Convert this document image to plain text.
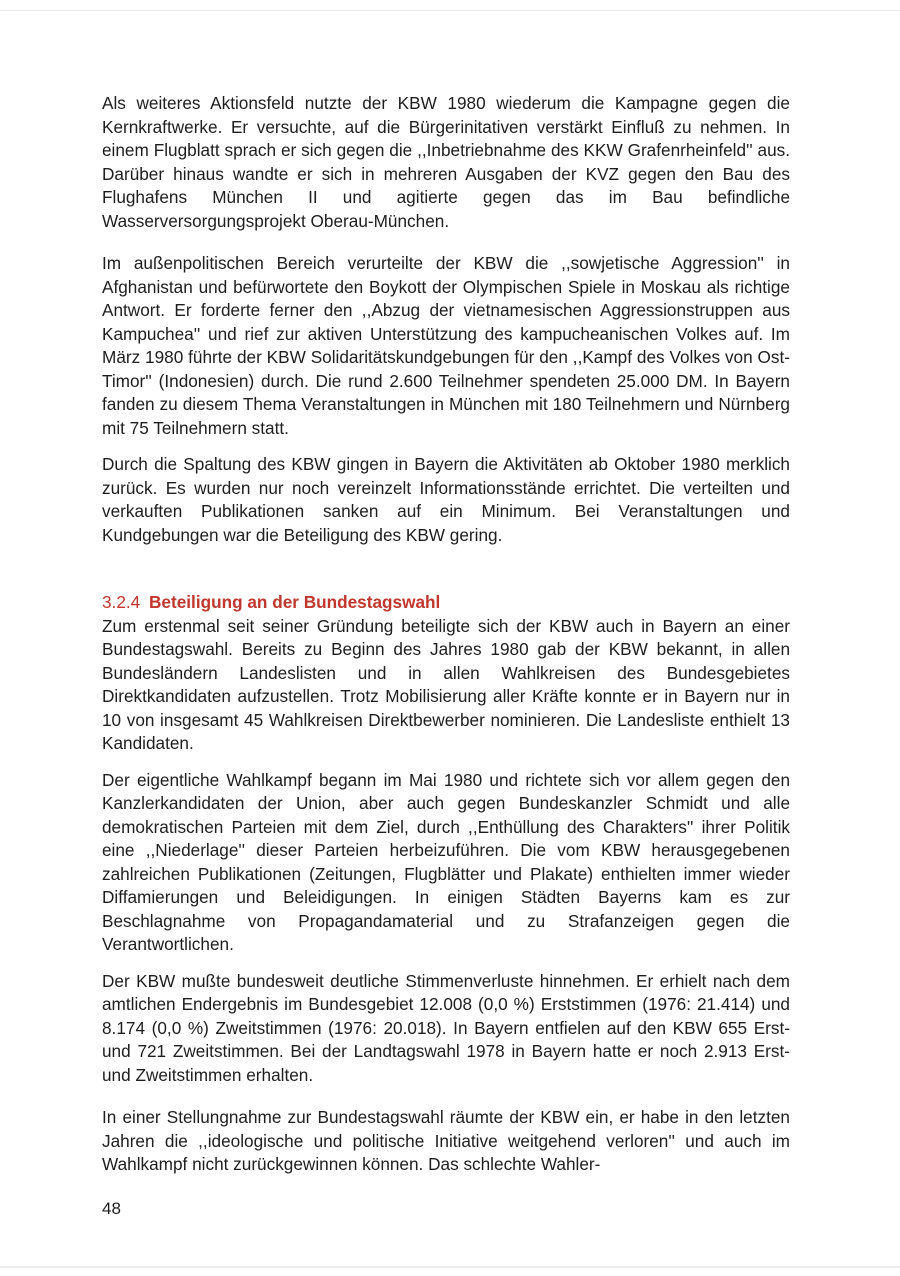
Als weiteres Aktionsfeld nutzte der KBW 1980 wiederum die Kampagne gegen die Kernkraftwerke. Er versuchte, auf die Bürgerinitativen verstärkt Einfluß zu nehmen. In einem Flugblatt sprach er sich gegen die ,,Inbetriebnahme des KKW Grafenrheinfeld'' aus. Darüber hinaus wandte er sich in mehreren Ausgaben der KVZ gegen den Bau des Flughafens München II und agitierte gegen das im Bau befindliche Wasserversorgungsprojekt Oberau-München.

Im außenpolitischen Bereich verurteilte der KBW die ,,sowjetische Aggression'' in Afghanistan und befürwortete den Boykott der Olympischen Spiele in Moskau als richtige Antwort. Er forderte ferner den ,,Abzug der vietnamesischen Aggressionstruppen aus Kampuchea'' und rief zur aktiven Unterstützung des kampucheanischen Volkes auf. Im März 1980 führte der KBW Solidaritätskundgebungen für den ,,Kampf des Volkes von Ost-Timor'' (Indonesien) durch. Die rund 2.600 Teilnehmer spendeten 25.000 DM. In Bayern fanden zu diesem Thema Veranstaltungen in München mit 180 Teilnehmern und Nürnberg mit 75 Teilnehmern statt.

Durch die Spaltung des KBW gingen in Bayern die Aktivitäten ab Oktober 1980 merklich zurück. Es wurden nur noch vereinzelt Informationsstände errichtet. Die verteilten und verkauften Publikationen sanken auf ein Minimum. Bei Veranstaltungen und Kundgebungen war die Beteiligung des KBW gering.

3.2.4 Beteiligung an der Bundestagswahl

Zum erstenmal seit seiner Gründung beteiligte sich der KBW auch in Bayern an einer Bundestagswahl. Bereits zu Beginn des Jahres 1980 gab der KBW bekannt, in allen Bundesländern Landeslisten und in allen Wahlkreisen des Bundesgebietes Direktkandidaten aufzustellen. Trotz Mobilisierung aller Kräfte konnte er in Bayern nur in 10 von insgesamt 45 Wahlkreisen Direktbewerber nominieren. Die Landesliste enthielt 13 Kandidaten.

Der eigentliche Wahlkampf begann im Mai 1980 und richtete sich vor allem gegen den Kanzlerkandidaten der Union, aber auch gegen Bundeskanzler Schmidt und alle demokratischen Parteien mit dem Ziel, durch ,,Enthüllung des Charakters'' ihrer Politik eine ,,Niederlage'' dieser Parteien herbeizuführen. Die vom KBW herausgegebenen zahlreichen Publikationen (Zeitungen, Flugblätter und Plakate) enthielten immer wieder Diffamierungen und Beleidigungen. In einigen Städten Bayerns kam es zur Beschlagnahme von Propagandamaterial und zu Strafanzeigen gegen die Verantwortlichen.

Der KBW mußte bundesweit deutliche Stimmenverluste hinnehmen. Er erhielt nach dem amtlichen Endergebnis im Bundesgebiet 12.008 (0,0 %) Erststimmen (1976: 21.414) und 8.174 (0,0 %) Zweitstimmen (1976: 20.018). In Bayern entfielen auf den KBW 655 Erst- und 721 Zweitstimmen. Bei der Landtagswahl 1978 in Bayern hatte er noch 2.913 Erst- und Zweitstimmen erhalten.

In einer Stellungnahme zur Bundestagswahl räumte der KBW ein, er habe in den letzten Jahren die ,,ideologische und politische Initiative weitgehend verloren'' und auch im Wahlkampf nicht zurückgewinnen können. Das schlechte Wahler-

48
